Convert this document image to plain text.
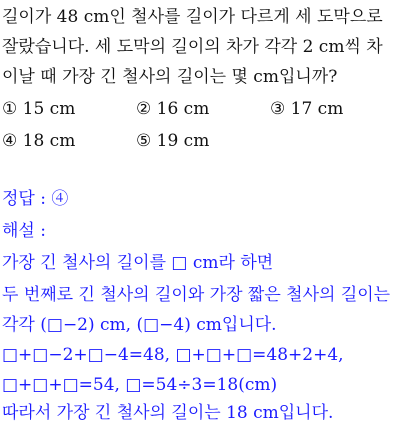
길이가 48 cm인 철사를 길이가 다르게 세 도막으로
잘랐습니다. 세 도막의 길이의 차가 각각 2 cm씩 차
이날 때 가장 긴 철사의 길이는 몇 cm입니까?
① 15 cm	② 16 cm	③ 17 cm
④ 18 cm	⑤ 19 cm
정답 : ④
해설 :
가장 긴 철사의 길이를 □ cm라 하면
두 번째로 긴 철사의 길이와 가장 짧은 철사의 길이는
각각 (□−2) cm, (□−4) cm입니다.
□+□−2+□−4=48, □+□+□=48+2+4,
□+□+□=54, □=54÷3=18(cm)
따라서 가장 긴 철사의 길이는 18 cm입니다.
